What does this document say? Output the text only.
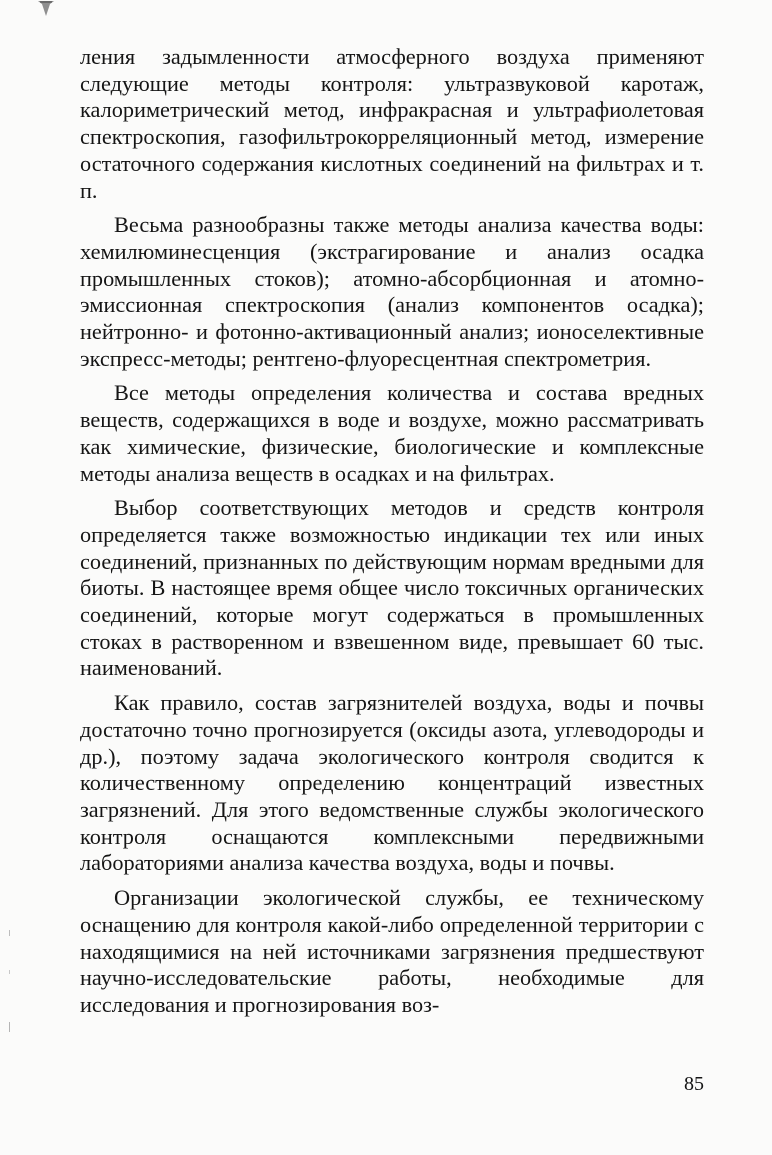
ления задымленности атмосферного воздуха применяют следующие методы контроля: ультразвуковой каротаж, калориметрический метод, инфракрасная и ультрафиолетовая спектроскопия, газофильтрокорреляционный метод, измерение остаточного содержания кислотных соединений на фильтрах и т. п.

Весьма разнообразны также методы анализа качества воды: хемилюминесценция (экстрагирование и анализ осадка промышленных стоков); атомно-абсорбционная и атомно-эмиссионная спектроскопия (анализ компонентов осадка); нейтронно- и фотонно-активационный анализ; ионоселективные экспресс-методы; рентгено-флуоресцентная спектрометрия.

Все методы определения количества и состава вредных веществ, содержащихся в воде и воздухе, можно рассматривать как химические, физические, биологические и комплексные методы анализа веществ в осадках и на фильтрах.

Выбор соответствующих методов и средств контроля определяется также возможностью индикации тех или иных соединений, признанных по действующим нормам вредными для биоты. В настоящее время общее число токсичных органических соединений, которые могут содержаться в промышленных стоках в растворенном и взвешенном виде, превышает 60 тыс. наименований.

Как правило, состав загрязнителей воздуха, воды и почвы достаточно точно прогнозируется (оксиды азота, углеводороды и др.), поэтому задача экологического контроля сводится к количественному определению концентраций известных загрязнений. Для этого ведомственные службы экологического контроля оснащаются комплексными передвижными лабораториями анализа качества воздуха, воды и почвы.

Организации экологической службы, ее техническому оснащению для контроля какой-либо определенной территории с находящимися на ней источниками загрязнения предшествуют научно-исследовательские работы, необходимые для исследования и прогнозирования воз-

85
